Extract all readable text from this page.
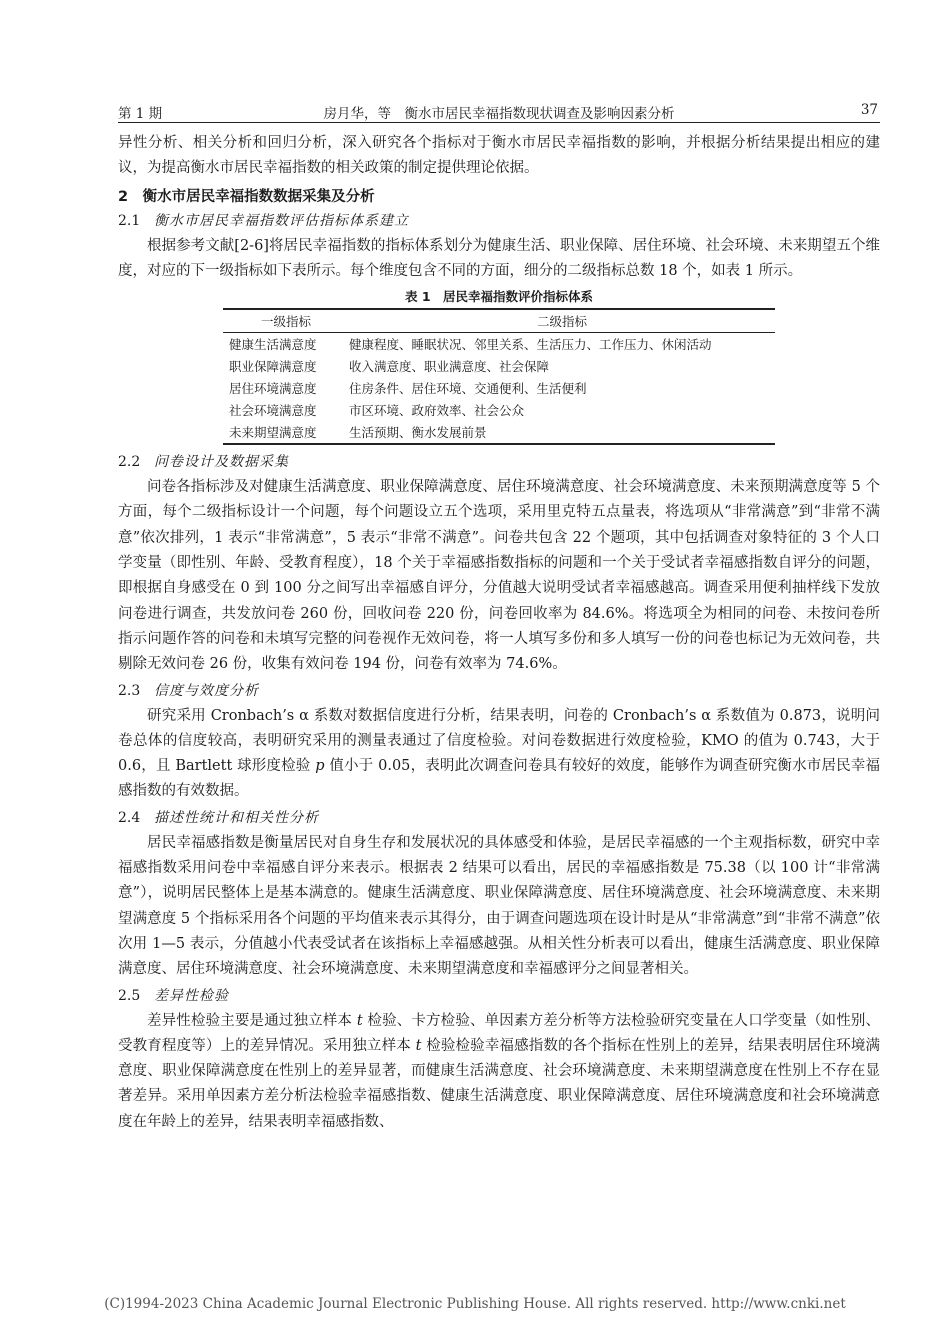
第 1 期	房月华，等　衡水市居民幸福指数现状调查及影响因素分析	37

异性分析、相关分析和回归分析，深入研究各个指标对于衡水市居民幸福指数的影响，并根据分析结果提出相应的建议，为提高衡水市居民幸福指数的相关政策的制定提供理论依据。

2　衡水市居民幸福指数数据采集及分析
2.1 衡水市居民幸福指数评估指标体系建立

根据参考文献[2-6]将居民幸福指数的指标体系划分为健康生活、职业保障、居住环境、社会环境、未来期望五个维度，对应的下一级指标如下表所示。每个维度包含不同的方面，细分的二级指标总数 18 个，如表 1 所示。

表 1　居民幸福指数评价指标体系
一级指标	二级指标
健康生活满意度	健康程度、睡眠状况、邻里关系、生活压力、工作压力、休闲活动
职业保障满意度	收入满意度、职业满意度、社会保障
居住环境满意度	住房条件、居住环境、交通便利、生活便利
社会环境满意度	市区环境、政府效率、社会公众
未来期望满意度	生活预期、衡水发展前景
2.2 问卷设计及数据采集

问卷各指标涉及对健康生活满意度、职业保障满意度、居住环境满意度、社会环境满意度、未来预期满意度等 5 个方面，每个二级指标设计一个问题，每个问题设立五个选项，采用里克特五点量表，将选项从“非常满意”到“非常不满意”依次排列，1 表示“非常满意”，5 表示“非常不满意”。问卷共包含 22 个题项，其中包括调查对象特征的 3 个人口学变量（即性别、年龄、受教育程度），18 个关于幸福感指数指标的问题和一个关于受试者幸福感指数自评分的问题，即根据自身感受在 0 到 100 分之间写出幸福感自评分，分值越大说明受试者幸福感越高。调查采用便利抽样线下发放问卷进行调查，共发放问卷 260 份，回收问卷 220 份，问卷回收率为 84.6%。将选项全为相同的问卷、未按问卷所指示问题作答的问卷和未填写完整的问卷视作无效问卷，将一人填写多份和多人填写一份的问卷也标记为无效问卷，共剔除无效问卷 26 份，收集有效问卷 194 份，问卷有效率为 74.6%。

2.3 信度与效度分析

研究采用 Cronbach’s α 系数对数据信度进行分析，结果表明，问卷的 Cronbach’s α 系数值为 0.873，说明问卷总体的信度较高，表明研究采用的测量表通过了信度检验。对问卷数据进行效度检验，KMO 的值为 0.743，大于 0.6，且 Bartlett 球形度检验 p 值小于 0.05，表明此次调查问卷具有较好的效度，能够作为调查研究衡水市居民幸福感指数的有效数据。

2.4 描述性统计和相关性分析

居民幸福感指数是衡量居民对自身生存和发展状况的具体感受和体验，是居民幸福感的一个主观指标数，研究中幸福感指数采用问卷中幸福感自评分来表示。根据表 2 结果可以看出，居民的幸福感指数是 75.38（以 100 计“非常满意”），说明居民整体上是基本满意的。健康生活满意度、职业保障满意度、居住环境满意度、社会环境满意度、未来期望满意度 5 个指标采用各个问题的平均值来表示其得分，由于调查问题选项在设计时是从“非常满意”到“非常不满意”依次用 1—5 表示，分值越小代表受试者在该指标上幸福感越强。从相关性分析表可以看出，健康生活满意度、职业保障满意度、居住环境满意度、社会环境满意度、未来期望满意度和幸福感评分之间显著相关。

2.5 差异性检验

差异性检验主要是通过独立样本 t 检验、卡方检验、单因素方差分析等方法检验研究变量在人口学变量（如性别、受教育程度等）上的差异情况。采用独立样本 t 检验检验幸福感指数的各个指标在性别上的差异，结果表明居住环境满意度、职业保障满意度在性别上的差异显著，而健康生活满意度、社会环境满意度、未来期望满意度在性别上不存在显著差异。采用单因素方差分析法检验幸福感指数、健康生活满意度、职业保障满意度、居住环境满意度和社会环境满意度在年龄上的差异，结果表明幸福感指数、

(C)1994-2023 China Academic Journal Electronic Publishing House. All rights reserved. http://www.cnki.net
